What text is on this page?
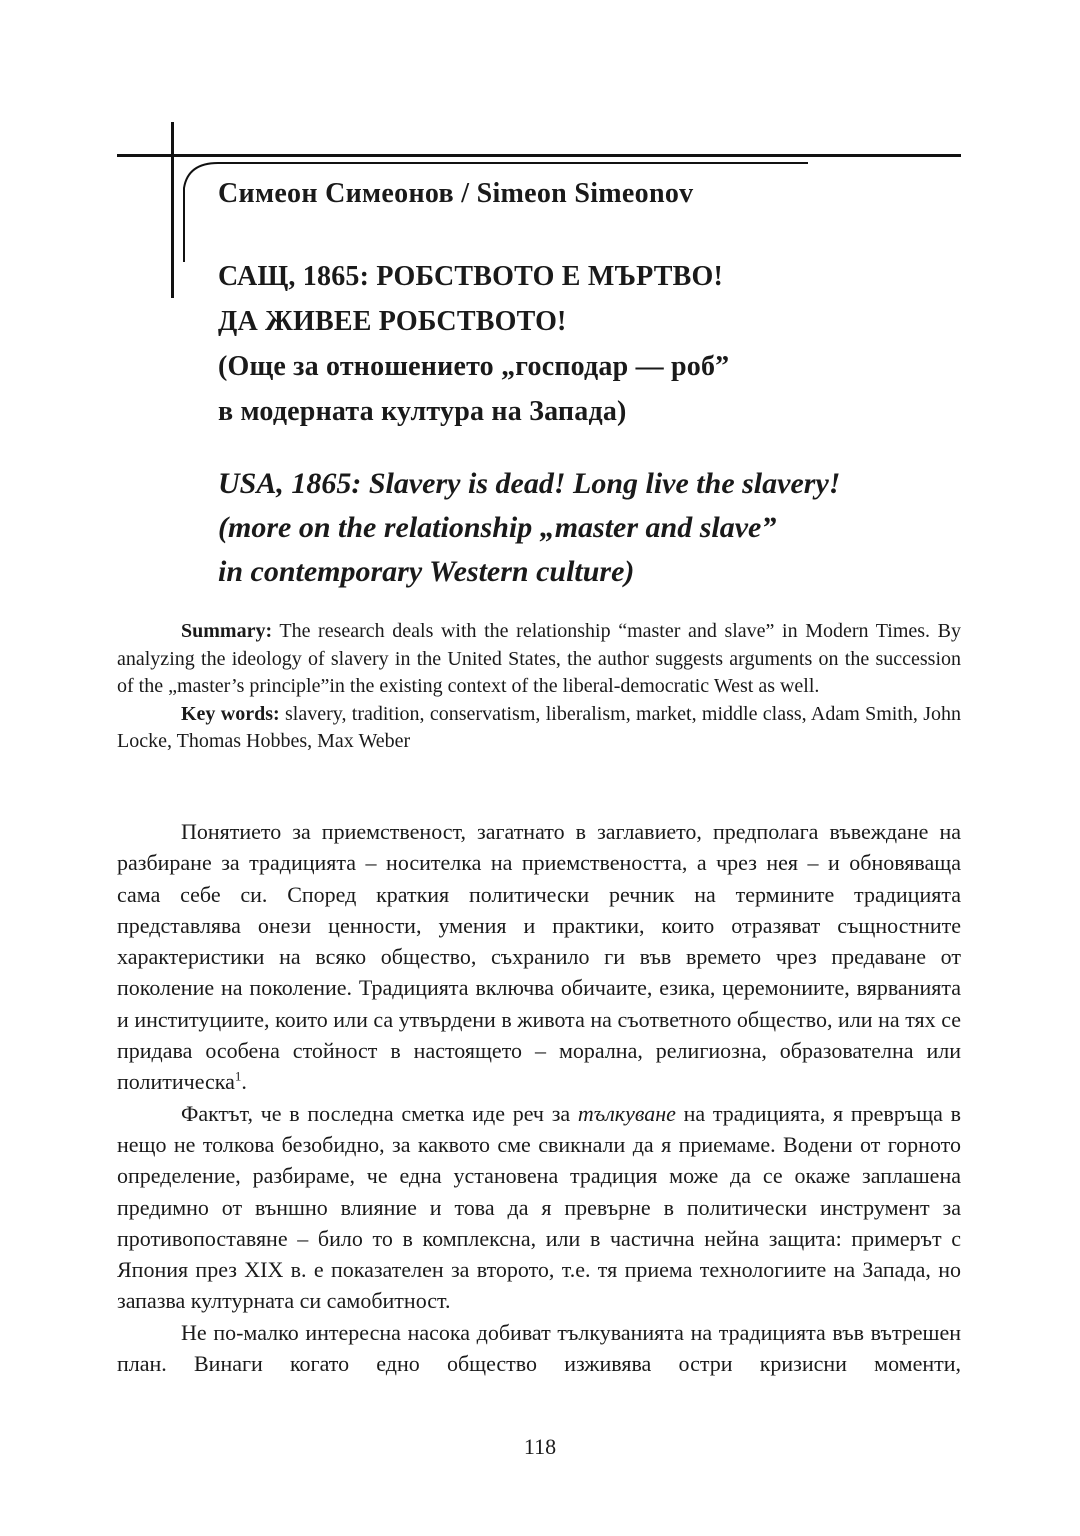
Симеон Симеонов / Simeon Simeonov
САЩ, 1865: РОБСТВОТО Е МЪРТВО!
ДА ЖИВЕЕ РОБСТВОТО!
(Още за отношението „господар — роб”
в модерната култура на Запада)
USA, 1865: Slavery is dead! Long live the slavery!
(more on the relationship „master and slave”
in contemporary Western culture)

Summary: The research deals with the relationship “master and slave” in Modern Times. By analyzing the ideology of slavery in the United States, the author suggests arguments on the succession of the „master’s principle”in the existing context of the liberal-democratic West as well.

Key words: slavery, tradition, conservatism, liberalism, market, middle class, Adam Smith, John Locke, Thomas Hobbes, Max Weber

Понятието за приемственост, загатнато в заглавието, предполага въвеждане на разбиране за традицията – носителка на приемствеността, а чрез нея – и обновяваща сама себе си. Според краткия политически речник на термините традицията представлява онези ценности, умения и практики, които отразяват същностните характеристики на всяко общество, съхранило ги във времето чрез предаване от поколение на поколение. Традицията включва обичаите, езика, церемониите, вярванията и институциите, които или са утвърдени в живота на съответното общество, или на тях се придава особена стойност в настоящето – морална, религиозна, образователна или политическа$^1$.

Фактът, че в последна сметка иде реч за тълкуване на традицията, я превръща в нещо не толкова безобидно, за каквото сме свикнали да я приемаме. Водени от горното определение, разбираме, че една установена традиция може да се окаже заплашена предимно от външно влияние и това да я превърне в политически инструмент за противопоставяне – било то в комплексна, или в частична нейна защита: примерът с Япония през XIX в. е показателен за второто, т.е. тя приема технологиите на Запада, но запазва културната си самобитност.

Не по-малко интересна насока добиват тълкуванията на традицията във вътрешен план. Винаги когато едно общество изживява остри кризисни моменти,

118
